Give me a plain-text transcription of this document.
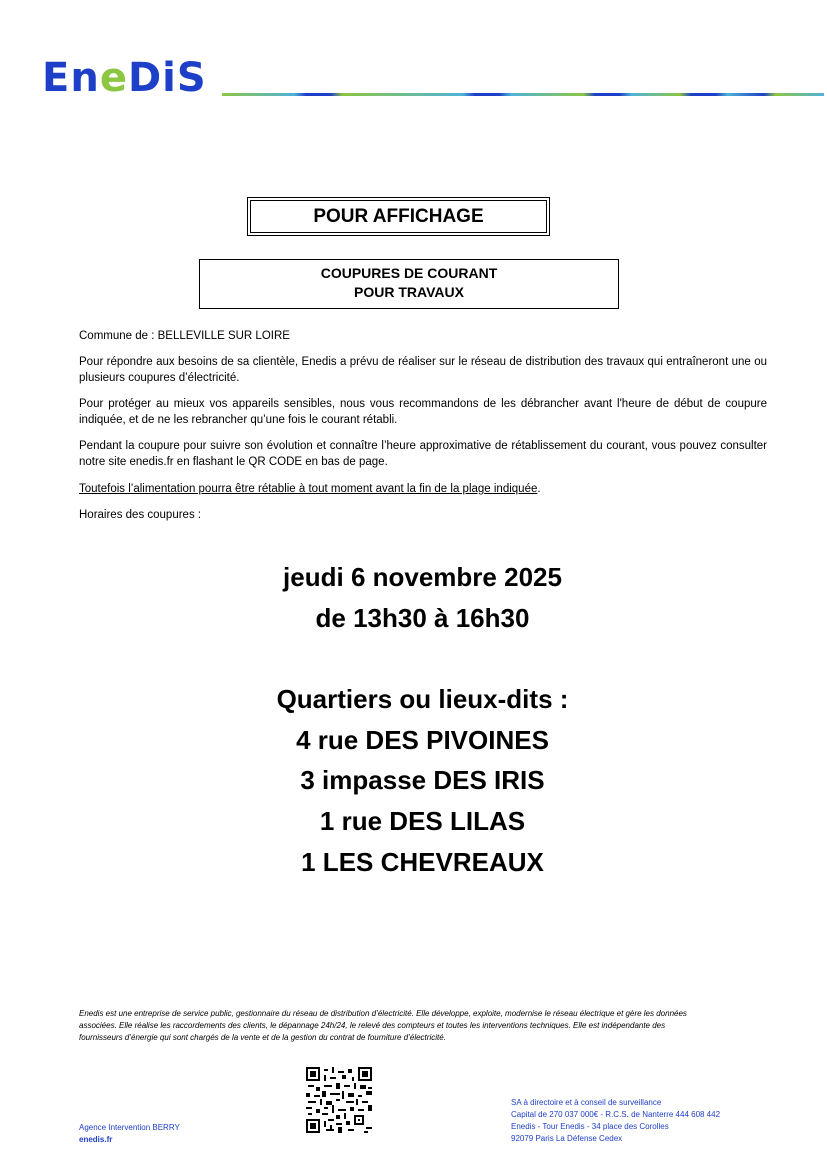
EneDiS
POUR AFFICHAGE
COUPURES DE COURANT
POUR TRAVAUX
Commune de : BELLEVILLE SUR LOIRE
Pour répondre aux besoins de sa clientèle, Enedis a prévu de réaliser sur le réseau de distribution des travaux qui entraîneront une ou plusieurs coupures d’électricité.
Pour protéger au mieux vos appareils sensibles, nous vous recommandons de les débrancher avant l'heure de début de coupure indiquée, et de ne les rebrancher qu’une fois le courant rétabli.
Pendant la coupure pour suivre son évolution et connaître l’heure approximative de rétablissement du courant, vous pouvez consulter notre site enedis.fr en flashant le QR CODE en bas de page.
Toutefois l’alimentation pourra être rétablie à tout moment avant la fin de la plage indiquée.
Horaires des coupures :
jeudi 6 novembre 2025
de 13h30 à 16h30
Quartiers ou lieux-dits :
4 rue DES PIVOINES
3 impasse DES IRIS
1 rue DES LILAS
1 LES CHEVREAUX
Enedis est une entreprise de service public, gestionnaire du réseau de distribution d’électricité. Elle développe, exploite, modernise le réseau électrique et gère les données
associées. Elle réalise les raccordements des clients, le dépannage 24h/24, le relevé des compteurs et toutes les interventions techniques. Elle est indépendante des
fournisseurs d’énergie qui sont chargés de la vente et de la gestion du contrat de fourniture d’électricité.
Agence Intervention BERRY
enedis.fr
SA à directoire et à conseil de surveillance
Capital de 270 037 000€ - R.C.S. de Nanterre 444 608 442
Enedis - Tour Enedis - 34 place des Corolles
92079 Paris La Défense Cedex
